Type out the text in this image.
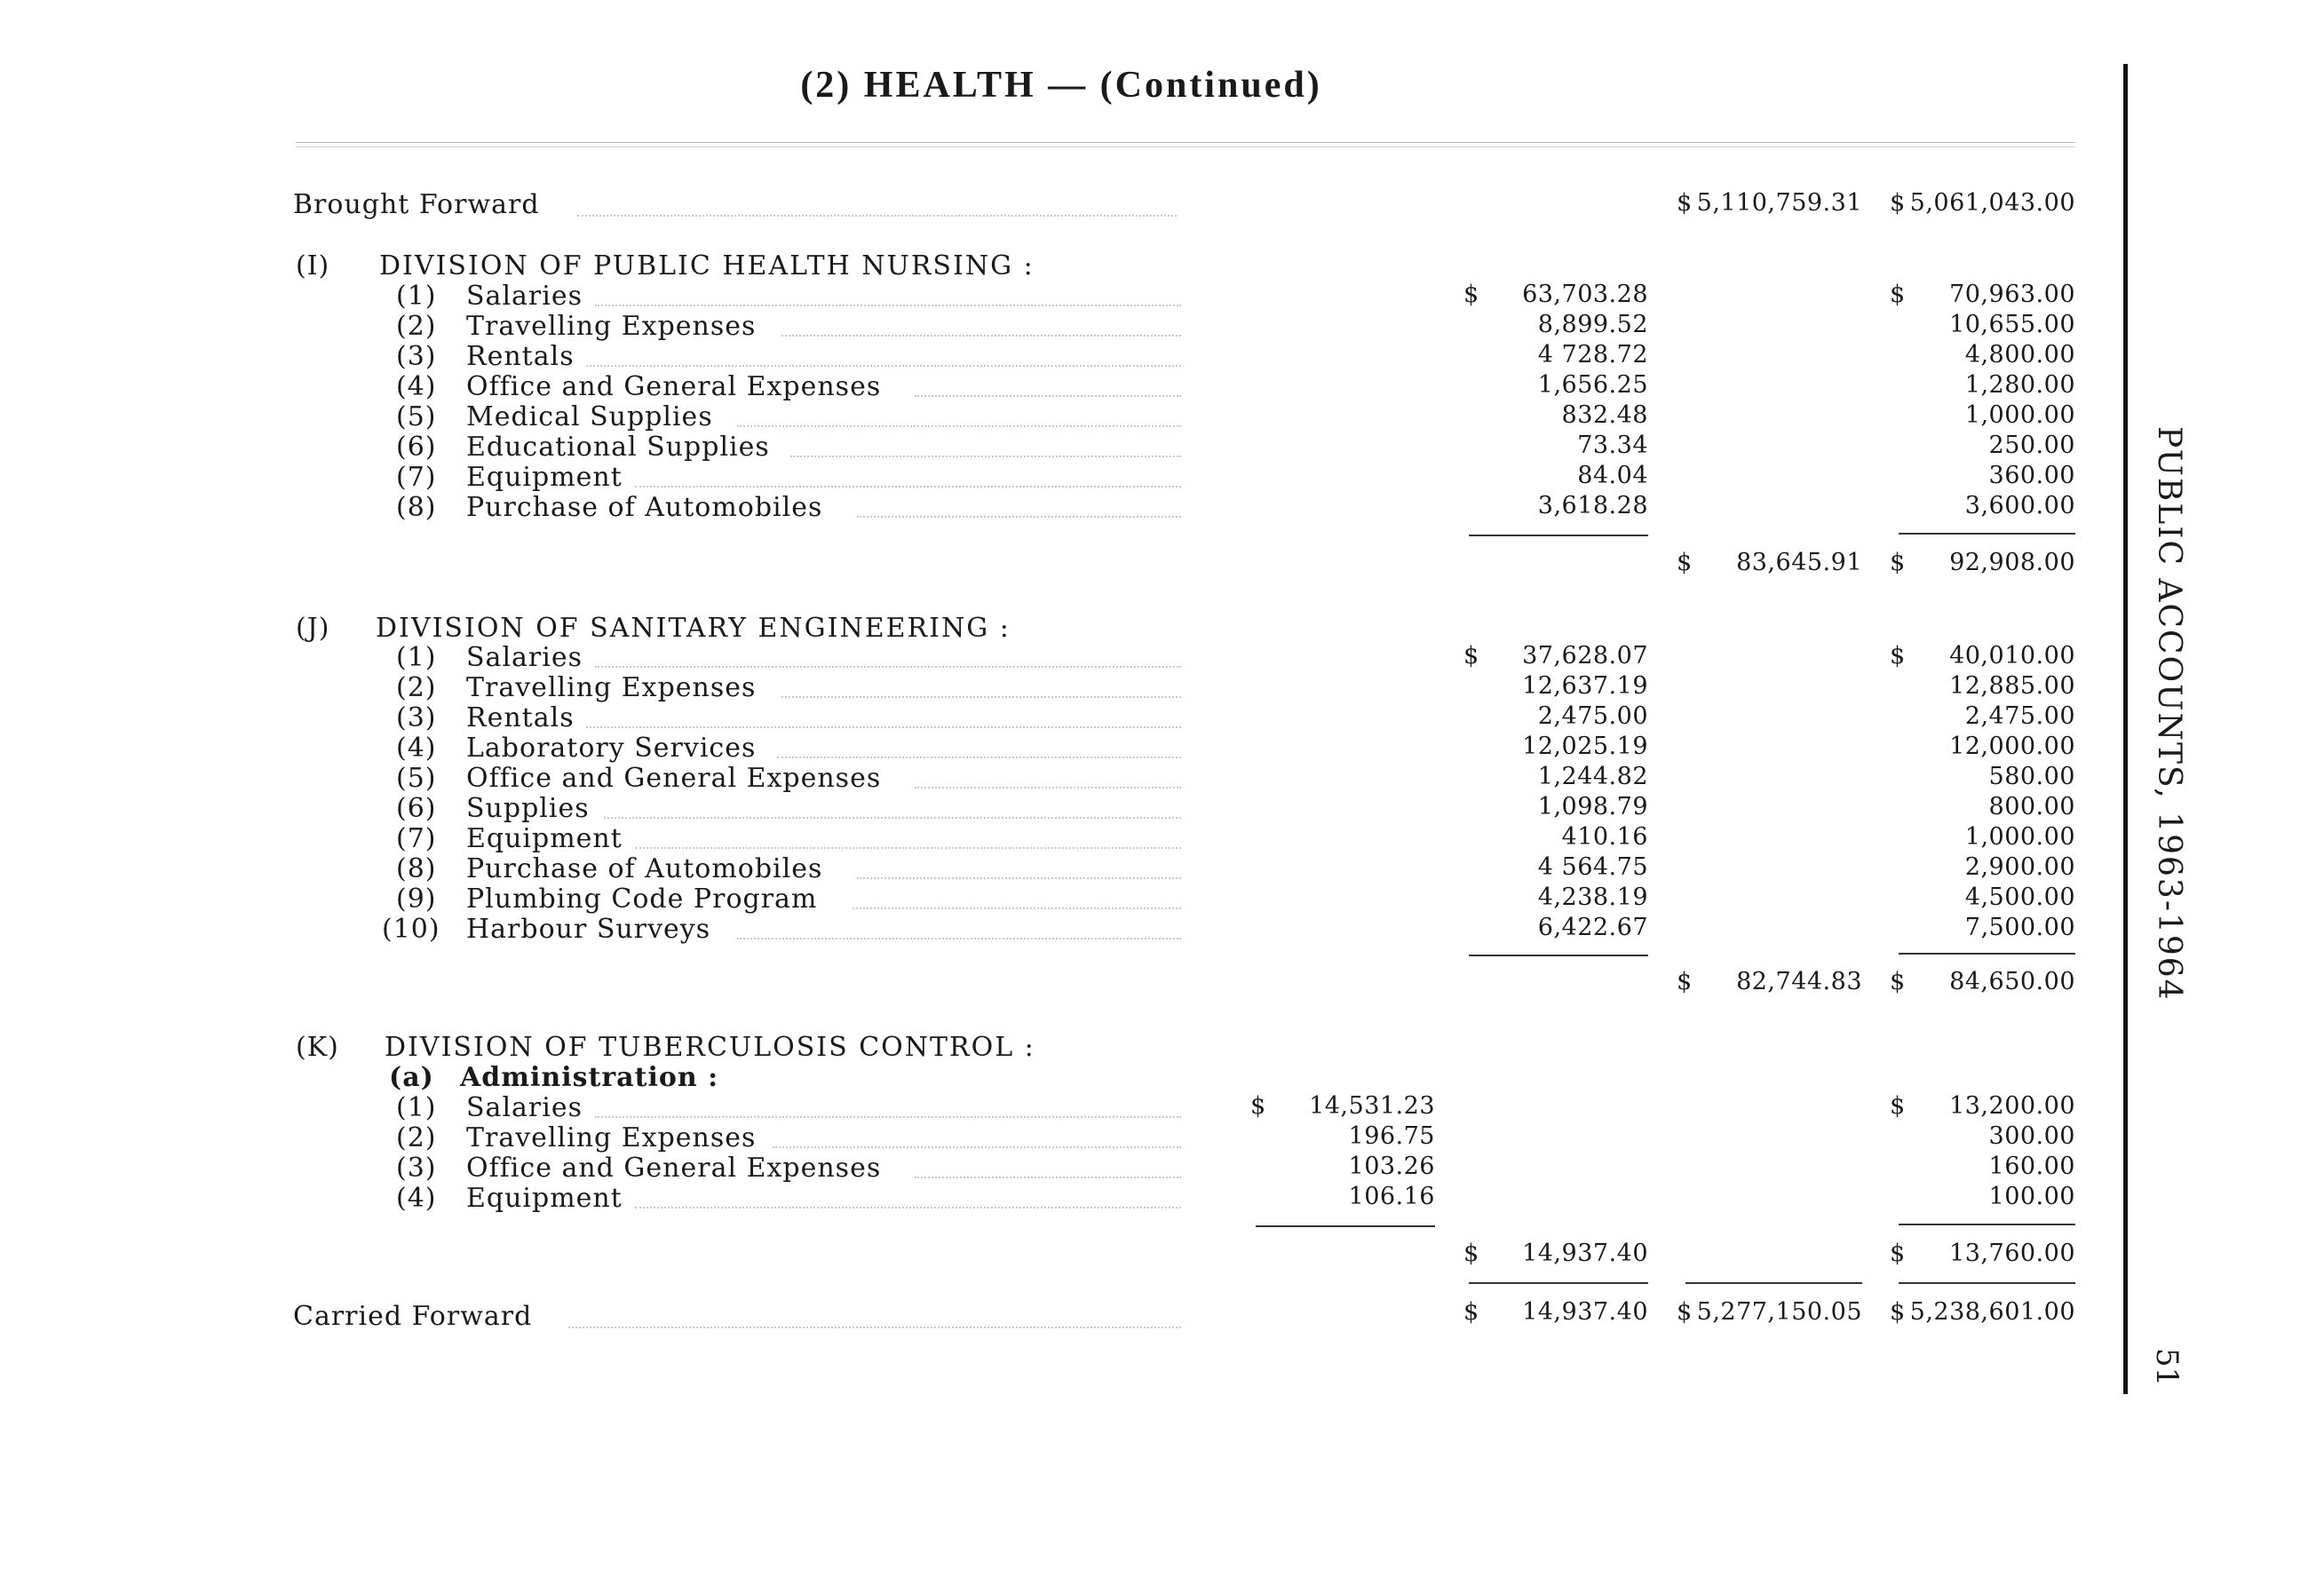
(2) HEALTH — (Continued)
PUBLIC ACCOUNTS, 1963-1964
51
Brought Forward	$ 5,110,759.31 $ 5,061,043.00
(I) DIVISION OF PUBLIC HEALTH NURSING :
(1) Salaries	$	63,703.28	$	70,963.00
(2) Travelling Expenses	8,899.52	10,655.00
(3) Rentals	4 728.72	4,800.00
(4) Office and General Expenses	1,656.25	1,280.00
(5) Medical Supplies	832.48	1,000.00
(6) Educational Supplies	73.34	250.00
(7) Equipment	84.04	360.00
(8) Purchase of Automobiles	3,618.28	3,600.00
$	83,645.91 $	92,908.00
(J) DIVISION OF SANITARY ENGINEERING :
(1) Salaries	$	37,628.07	$	40,010.00
(2) Travelling Expenses	12,637.19	12,885.00
(3) Rentals	2,475.00	2,475.00
(4) Laboratory Services	12,025.19	12,000.00
(5) Office and General Expenses	1,244.82	580.00
(6) Supplies	1,098.79	800.00
(7) Equipment	410.16	1,000.00
(8) Purchase of Automobiles	4 564.75	2,900.00
(9) Plumbing Code Program	4,238.19	4,500.00
(10) Harbour Surveys	6,422.67	7,500.00
$	82,744.83 $	84,650.00
(K) DIVISION OF TUBERCULOSIS CONTROL :
(a) Administration :
(1) Salaries	$	14,531.23	$	13,200.00
(2) Travelling Expenses	196.75	300.00
(3) Office and General Expenses	103.26	160.00
(4) Equipment	106.16	100.00
$	14,937.40	$	13,760.00
Carried Forward	$	14,937.40 $ 5,277,150.05 $ 5,238,601.00
